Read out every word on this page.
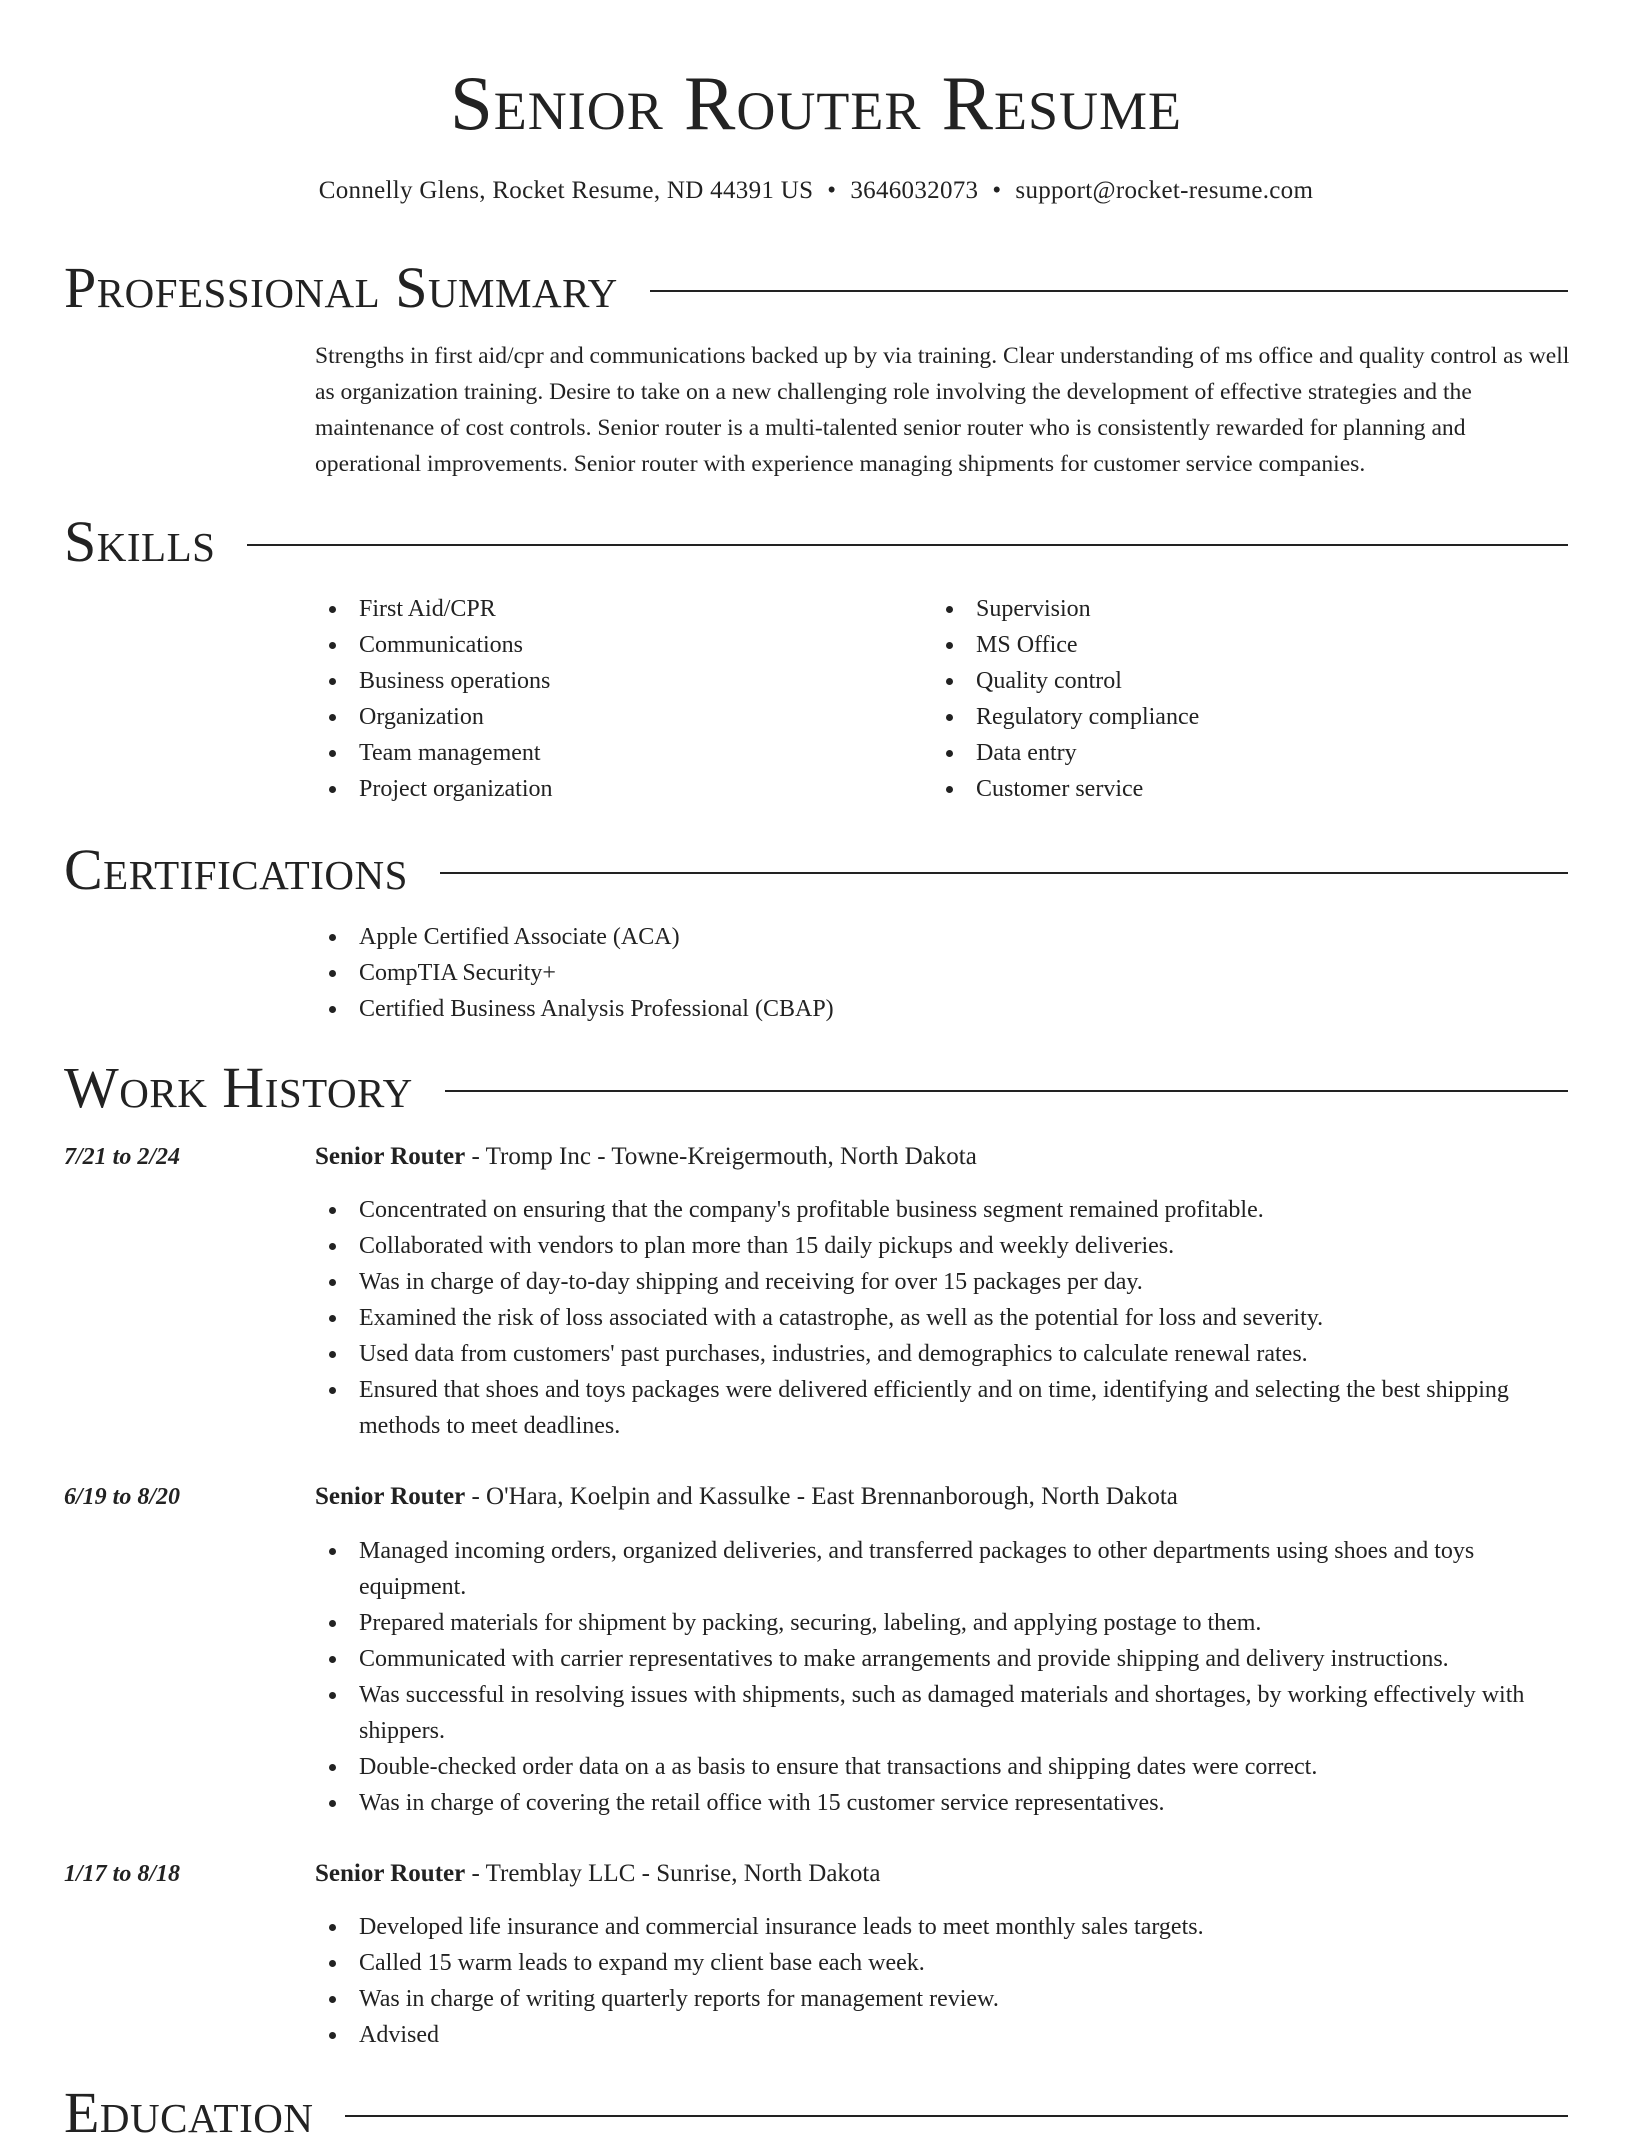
Senior Router Resume
Connelly Glens, Rocket Resume, ND 44391 US • 3646032073 • support@rocket-resume.com
Professional Summary

Strengths in first aid/cpr and communications backed up by via training. Clear understanding of ms office and quality control as well as organization training. Desire to take on a new challenging role involving the development of effective strategies and the maintenance of cost controls. Senior router is a multi-talented senior router who is consistently rewarded for planning and operational improvements. Senior router with experience managing shipments for customer service companies.

Skills
First Aid/CPR
Communications
Business operations
Organization
Team management
Project organization
Supervision
MS Office
Quality control
Regulatory compliance
Data entry
Customer service
Certifications
Apple Certified Associate (ACA)
CompTIA Security+
Certified Business Analysis Professional (CBAP)
Work History
7/21 to 2/24	Senior Router - Tromp Inc - Towne-Kreigermouth, North Dakota
Concentrated on ensuring that the company's profitable business segment remained profitable.
Collaborated with vendors to plan more than 15 daily pickups and weekly deliveries.
Was in charge of day-to-day shipping and receiving for over 15 packages per day.
Examined the risk of loss associated with a catastrophe, as well as the potential for loss and severity.
Used data from customers' past purchases, industries, and demographics to calculate renewal rates.
Ensured that shoes and toys packages were delivered efficiently and on time, identifying and selecting the best shipping methods to meet deadlines.
6/19 to 8/20	Senior Router - O'Hara, Koelpin and Kassulke - East Brennanborough, North Dakota
Managed incoming orders, organized deliveries, and transferred packages to other departments using shoes and toys equipment.
Prepared materials for shipment by packing, securing, labeling, and applying postage to them.
Communicated with carrier representatives to make arrangements and provide shipping and delivery instructions.
Was successful in resolving issues with shipments, such as damaged materials and shortages, by working effectively with shippers.
Double-checked order data on a as basis to ensure that transactions and shipping dates were correct.
Was in charge of covering the retail office with 15 customer service representatives.
1/17 to 8/18	Senior Router - Tremblay LLC - Sunrise, North Dakota
Developed life insurance and commercial insurance leads to meet monthly sales targets.
Called 15 warm leads to expand my client base each week.
Was in charge of writing quarterly reports for management review.
Advised
Education
